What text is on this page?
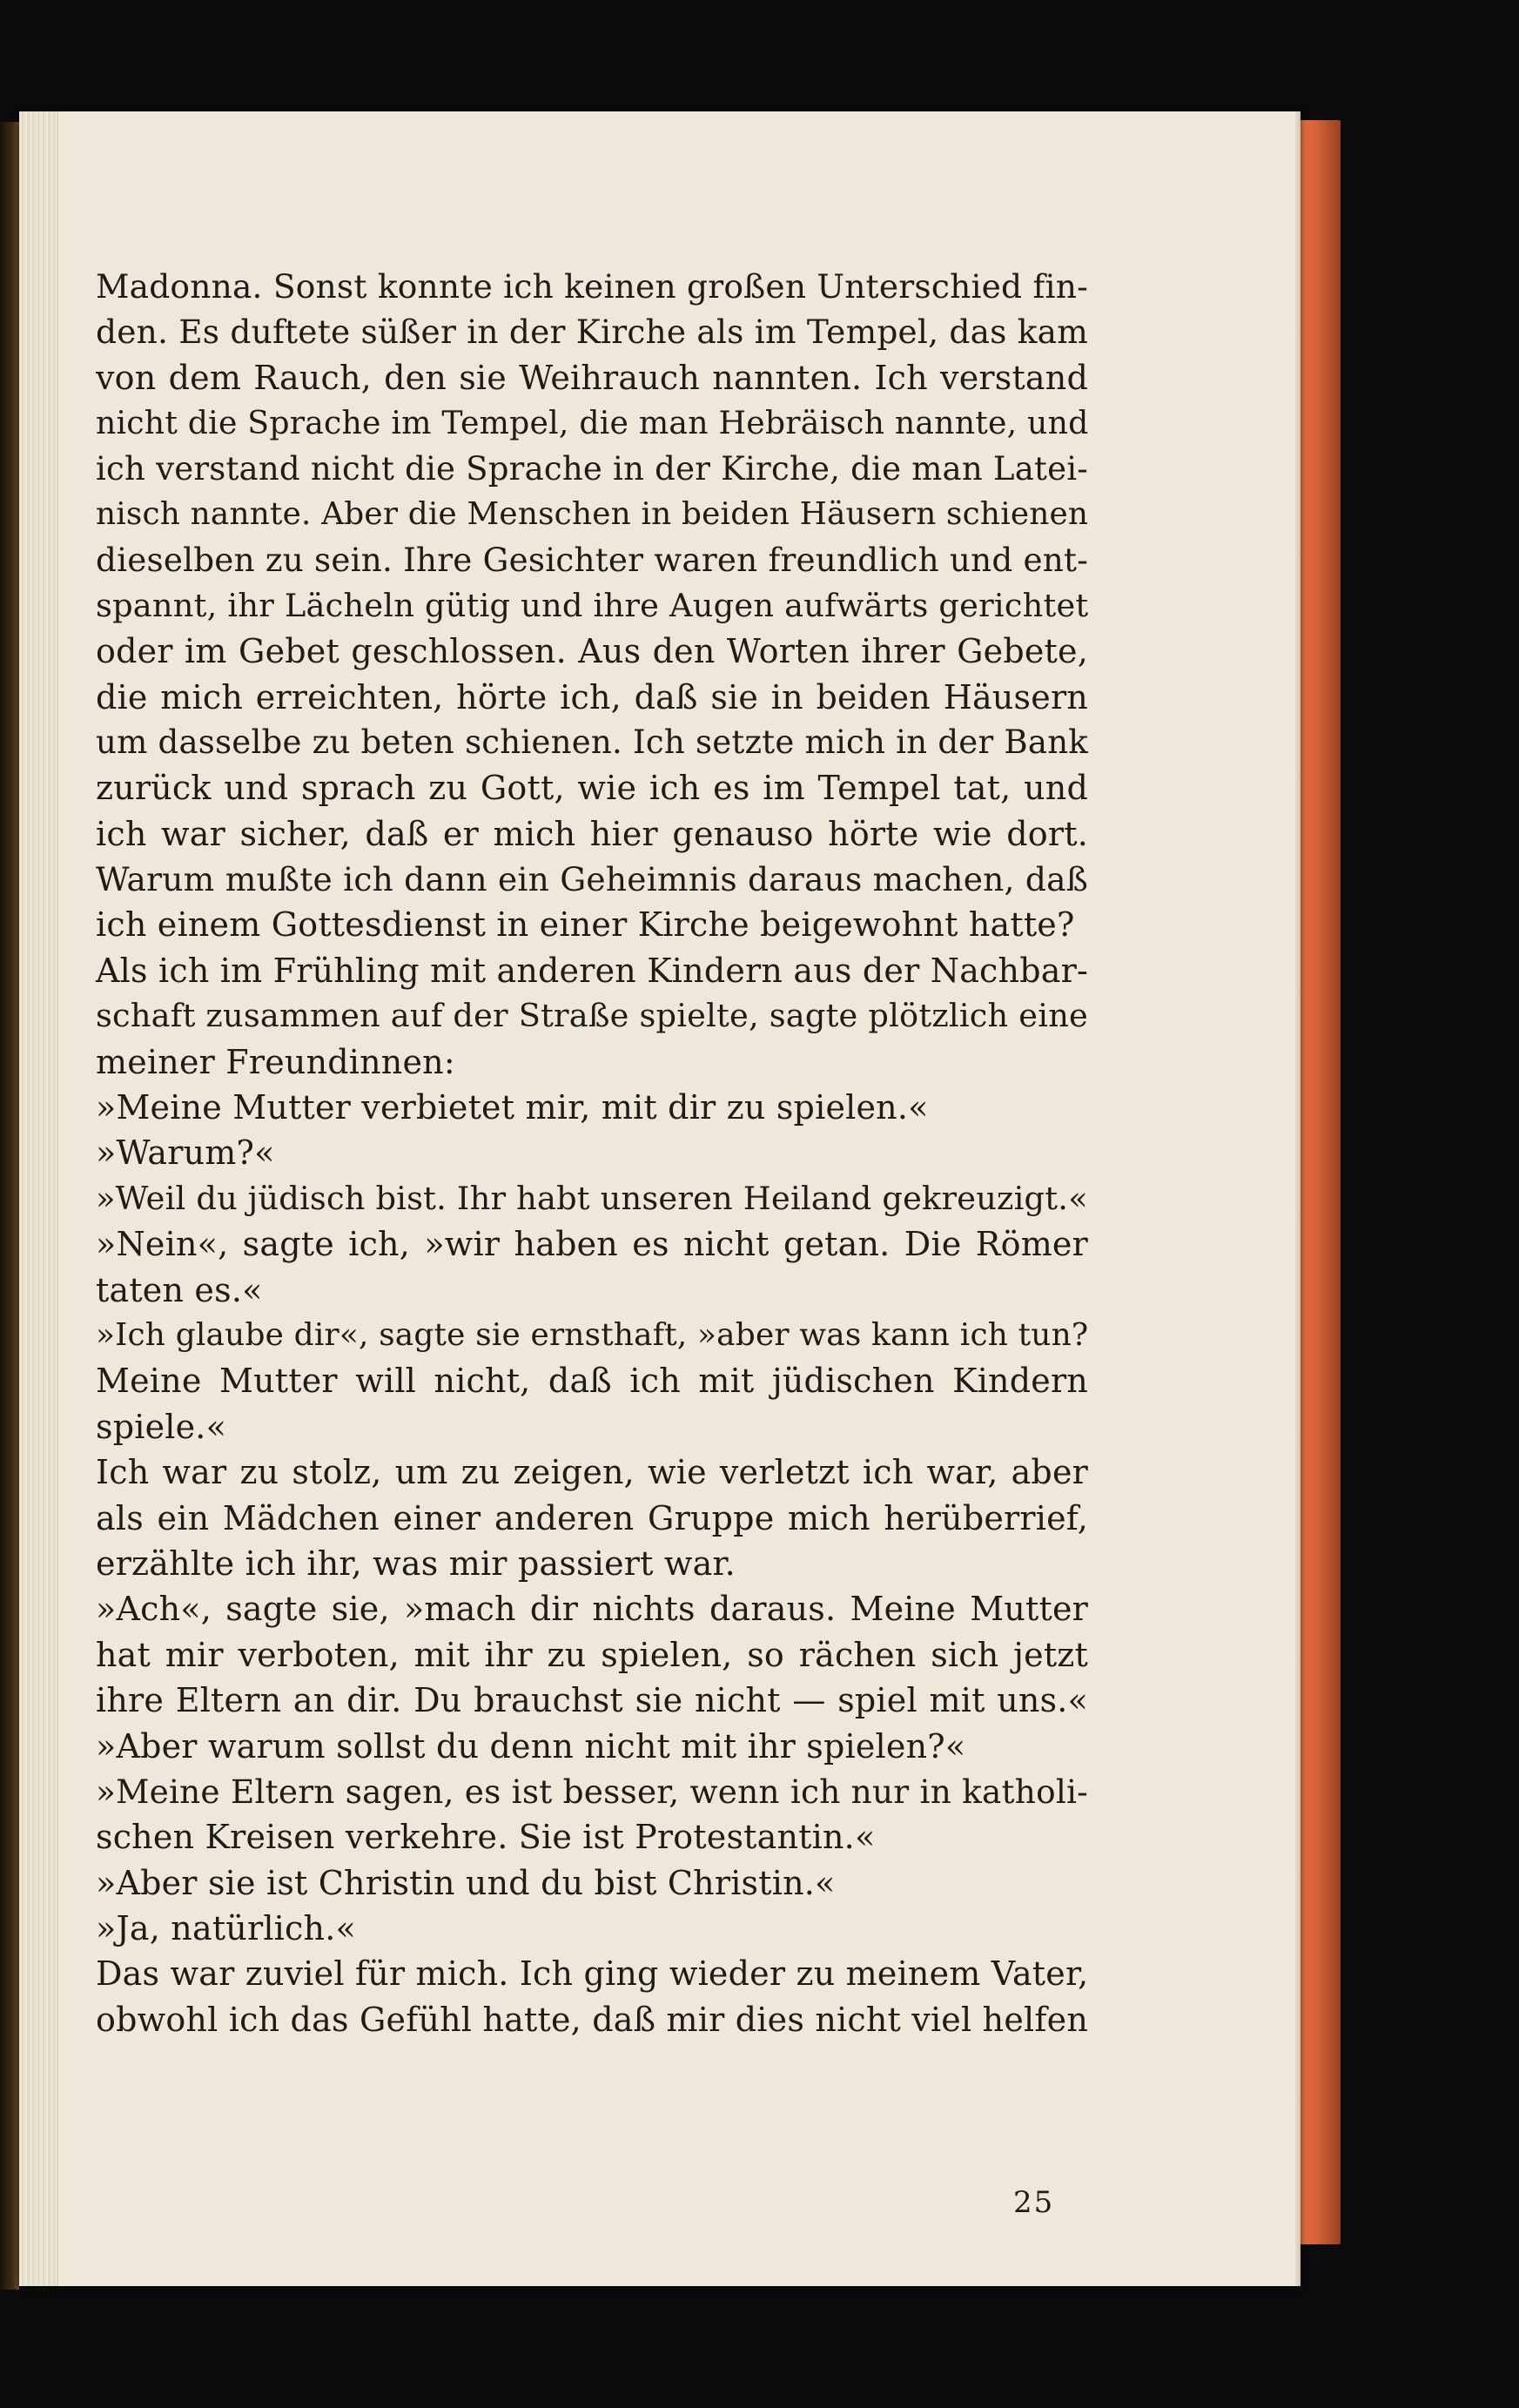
Madonna. Sonst konnte ich keinen großen Unterschied fin-
den. Es duftete süßer in der Kirche als im Tempel, das kam
von dem Rauch, den sie Weihrauch nannten. Ich verstand
nicht die Sprache im Tempel, die man Hebräisch nannte, und
ich verstand nicht die Sprache in der Kirche, die man Latei-
nisch nannte. Aber die Menschen in beiden Häusern schienen
dieselben zu sein. Ihre Gesichter waren freundlich und ent-
spannt, ihr Lächeln gütig und ihre Augen aufwärts gerichtet
oder im Gebet geschlossen. Aus den Worten ihrer Gebete,
die mich erreichten, hörte ich, daß sie in beiden Häusern
um dasselbe zu beten schienen. Ich setzte mich in der Bank
zurück und sprach zu Gott, wie ich es im Tempel tat, und
ich war sicher, daß er mich hier genauso hörte wie dort.
Warum mußte ich dann ein Geheimnis daraus machen, daß
ich einem Gottesdienst in einer Kirche beigewohnt hatte?
Als ich im Frühling mit anderen Kindern aus der Nachbar-
schaft zusammen auf der Straße spielte, sagte plötzlich eine
meiner Freundinnen:
»Meine Mutter verbietet mir, mit dir zu spielen.«
»Warum?«
»Weil du jüdisch bist. Ihr habt unseren Heiland gekreuzigt.«
»Nein«, sagte ich, »wir haben es nicht getan. Die Römer
taten es.«
»Ich glaube dir«, sagte sie ernsthaft, »aber was kann ich tun?
Meine Mutter will nicht, daß ich mit jüdischen Kindern
spiele.«
Ich war zu stolz, um zu zeigen, wie verletzt ich war, aber
als ein Mädchen einer anderen Gruppe mich herüberrief,
erzählte ich ihr, was mir passiert war.
»Ach«, sagte sie, »mach dir nichts daraus. Meine Mutter
hat mir verboten, mit ihr zu spielen, so rächen sich jetzt
ihre Eltern an dir. Du brauchst sie nicht — spiel mit uns.«
»Aber warum sollst du denn nicht mit ihr spielen?«
»Meine Eltern sagen, es ist besser, wenn ich nur in katholi-
schen Kreisen verkehre. Sie ist Protestantin.«
»Aber sie ist Christin und du bist Christin.«
»Ja, natürlich.«
Das war zuviel für mich. Ich ging wieder zu meinem Vater,
obwohl ich das Gefühl hatte, daß mir dies nicht viel helfen
25
